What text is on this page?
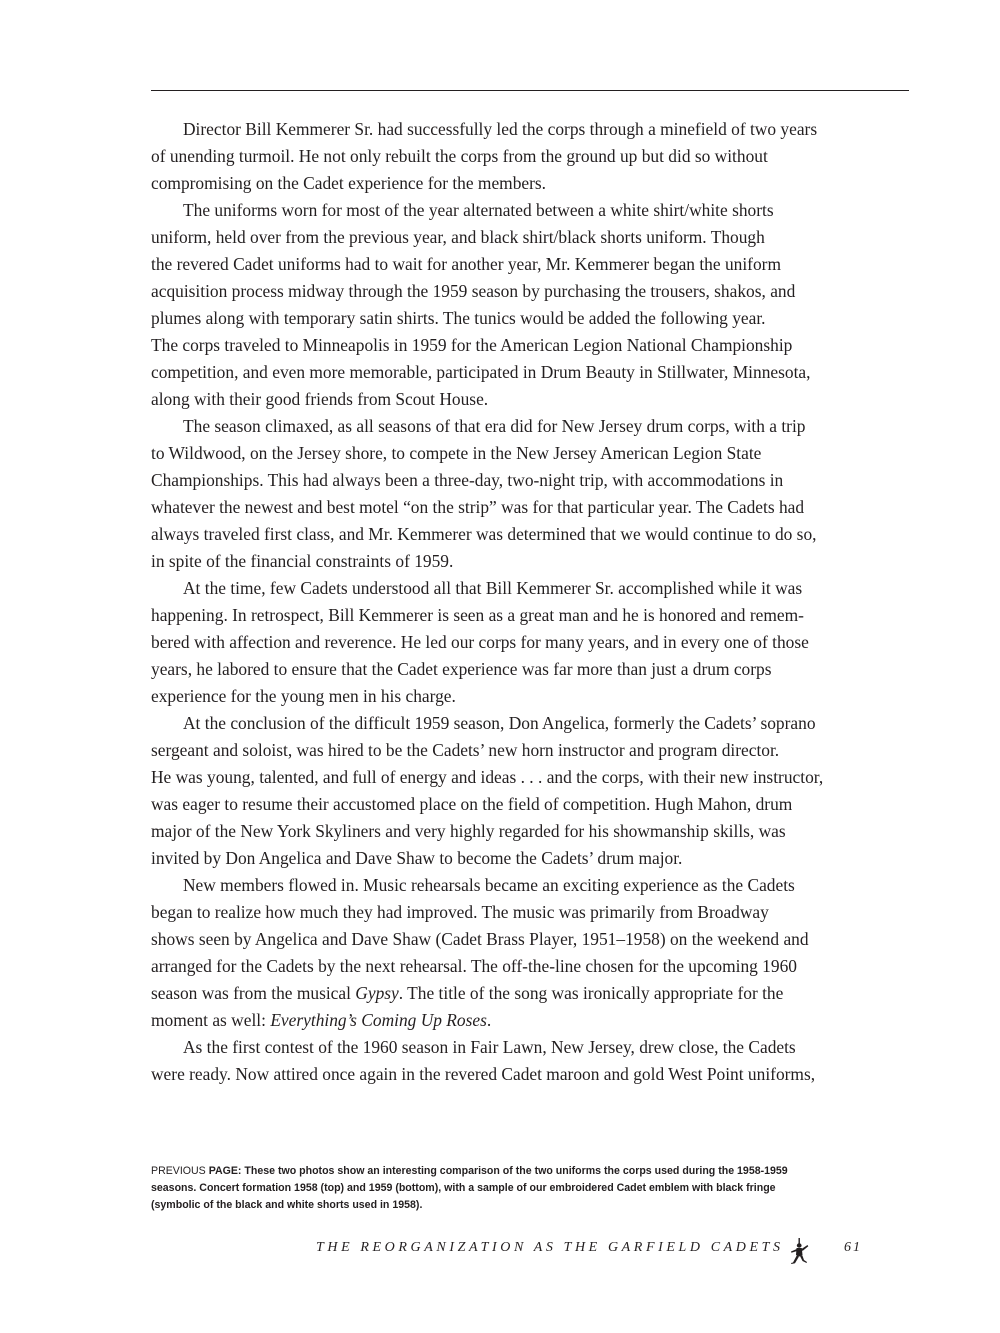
Director Bill Kemmerer Sr. had successfully led the corps through a minefield of two years
of unending turmoil. He not only rebuilt the corps from the ground up but did so without
compromising on the Cadet experience for the members.
The uniforms worn for most of the year alternated between a white shirt/white shorts
uniform, held over from the previous year, and black shirt/black shorts uniform. Though
the revered Cadet uniforms had to wait for another year, Mr. Kemmerer began the uniform
acquisition process midway through the 1959 season by purchasing the trousers, shakos, and
plumes along with temporary satin shirts. The tunics would be added the following year.
The corps traveled to Minneapolis in 1959 for the American Legion National Championship
competition, and even more memorable, participated in Drum Beauty in Stillwater, Minnesota,
along with their good friends from Scout House.
The season climaxed, as all seasons of that era did for New Jersey drum corps, with a trip
to Wildwood, on the Jersey shore, to compete in the New Jersey American Legion State
Championships. This had always been a three-day, two-night trip, with accommodations in
whatever the newest and best motel “on the strip” was for that particular year. The Cadets had
always traveled first class, and Mr. Kemmerer was determined that we would continue to do so,
in spite of the financial constraints of 1959.
At the time, few Cadets understood all that Bill Kemmerer Sr. accomplished while it was
happening. In retrospect, Bill Kemmerer is seen as a great man and he is honored and remem-
bered with affection and reverence. He led our corps for many years, and in every one of those
years, he labored to ensure that the Cadet experience was far more than just a drum corps
experience for the young men in his charge.
At the conclusion of the difficult 1959 season, Don Angelica, formerly the Cadets’ soprano
sergeant and soloist, was hired to be the Cadets’ new horn instructor and program director.
He was young, talented, and full of energy and ideas . . . and the corps, with their new instructor,
was eager to resume their accustomed place on the field of competition. Hugh Mahon, drum
major of the New York Skyliners and very highly regarded for his showmanship skills, was
invited by Don Angelica and Dave Shaw to become the Cadets’ drum major.
New members flowed in. Music rehearsals became an exciting experience as the Cadets
began to realize how much they had improved. The music was primarily from Broadway
shows seen by Angelica and Dave Shaw (Cadet Brass Player, 1951–1958) on the weekend and
arranged for the Cadets by the next rehearsal. The off-the-line chosen for the upcoming 1960
season was from the musical Gypsy. The title of the song was ironically appropriate for the
moment as well: Everything’s Coming Up Roses.
As the first contest of the 1960 season in Fair Lawn, New Jersey, drew close, the Cadets
were ready. Now attired once again in the revered Cadet maroon and gold West Point uniforms,
PREVIOUS PAGE: These two photos show an interesting comparison of the two uniforms the corps used during the 1958-1959
seasons. Concert formation 1958 (top) and 1959 (bottom), with a sample of our embroidered Cadet emblem with black fringe
(symbolic of the black and white shorts used in 1958).
THE REORGANIZATION AS THE GARFIELD CADETS	61
